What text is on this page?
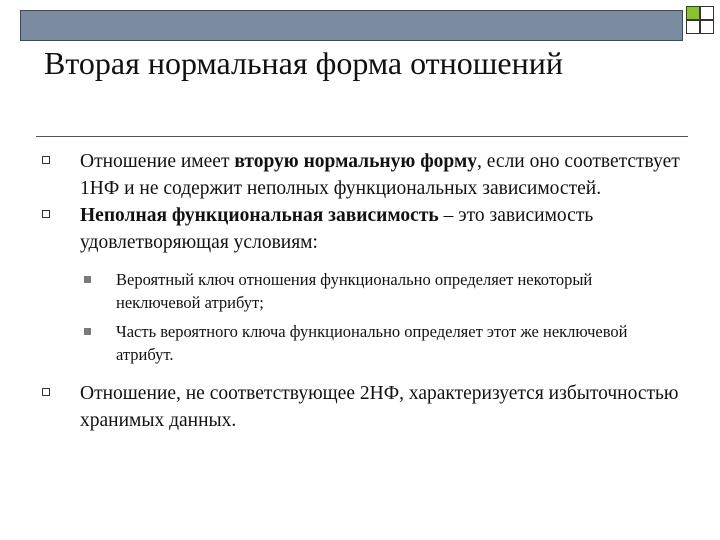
Вторая нормальная форма отношений
Отношение имеет вторую нормальную форму, если оно соответствует 1НФ и не содержит неполных функциональных зависимостей.
Неполная функциональная зависимость – это зависимость удовлетворяющая условиям:
Вероятный ключ отношения функционально определяет некоторый неключевой атрибут;
Часть вероятного ключа функционально определяет этот же неключевой атрибут.
Отношение, не соответствующее 2НФ, характеризуется избыточностью хранимых данных.
